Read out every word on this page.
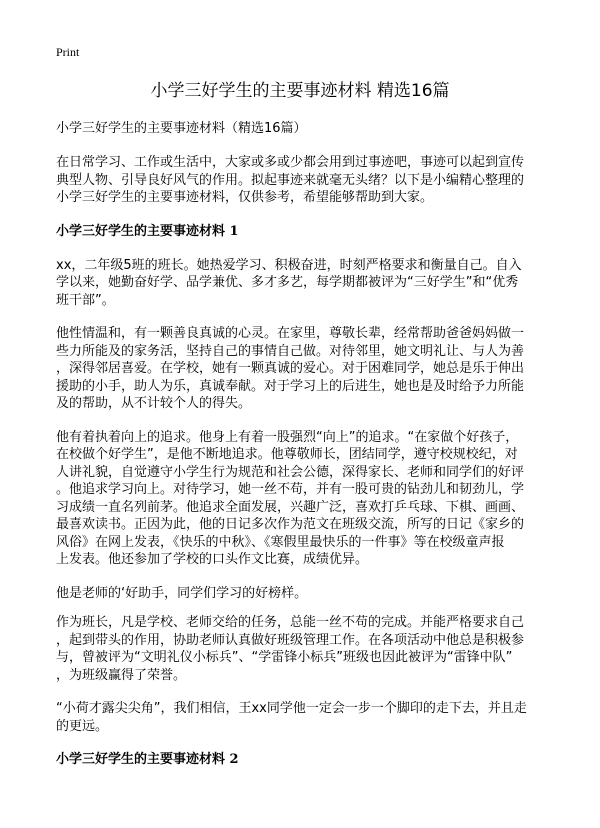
Print
小学三好学生的主要事迹材料 精选16篇
小学三好学生的主要事迹材料（精选16篇）
在日常学习、工作或生活中，大家或多或少都会用到过事迹吧，事迹可以起到宣传
典型人物、引导良好风气的作用。拟起事迹来就毫无头绪？以下是小编精心整理的
小学三好学生的主要事迹材料，仅供参考，希望能够帮助到大家。
小学三好学生的主要事迹材料 1
xx，二年级5班的班长。她热爱学习、积极奋进，时刻严格要求和衡量自己。自入
学以来，她勤奋好学、品学兼优、多才多艺，每学期都被评为“三好学生”和“优秀
班干部”。
他性情温和，有一颗善良真诚的心灵。在家里，尊敬长辈，经常帮助爸爸妈妈做一
些力所能及的家务活，坚持自己的事情自己做。对待邻里，她文明礼让、与人为善
，深得邻居喜爱。在学校，她有一颗真诚的爱心。对于困难同学，她总是乐于伸出
援助的小手，助人为乐，真诚奉献。对于学习上的后进生，她也是及时给予力所能
及的帮助，从不计较个人的得失。
他有着执着向上的追求。他身上有着一股强烈“向上”的追求。“在家做个好孩子，
在校做个好学生”，是他不断地追求。他尊敬师长，团结同学，遵守校规校纪，对
人讲礼貌，自觉遵守小学生行为规范和社会公德，深得家长、老师和同学们的好评
。他追求学习向上。对待学习，她一丝不苟，并有一股可贵的钻劲儿和韧劲儿，学
习成绩一直名列前茅。他追求全面发展，兴趣广泛，喜欢打乒乓球、下棋、画画、
最喜欢读书。正因为此，他的日记多次作为范文在班级交流，所写的日记《家乡的
风俗》在网上发表，《快乐的中秋》、《寒假里最快乐的一件事》等在校级童声报
上发表。他还参加了学校的口头作文比赛，成绩优异。
他是老师的‘好助手，同学们学习的好榜样。
作为班长，凡是学校、老师交给的任务，总能一丝不苟的完成。并能严格要求自己
，起到带头的作用，协助老师认真做好班级管理工作。在各项活动中他总是积极参
与，曾被评为“文明礼仪小标兵”、“学雷锋小标兵”班级也因此被评为“雷锋中队”
，为班级赢得了荣誉。
“小荷才露尖尖角”，我们相信，王xx同学他一定会一步一个脚印的走下去，并且走
的更远。
小学三好学生的主要事迹材料 2
